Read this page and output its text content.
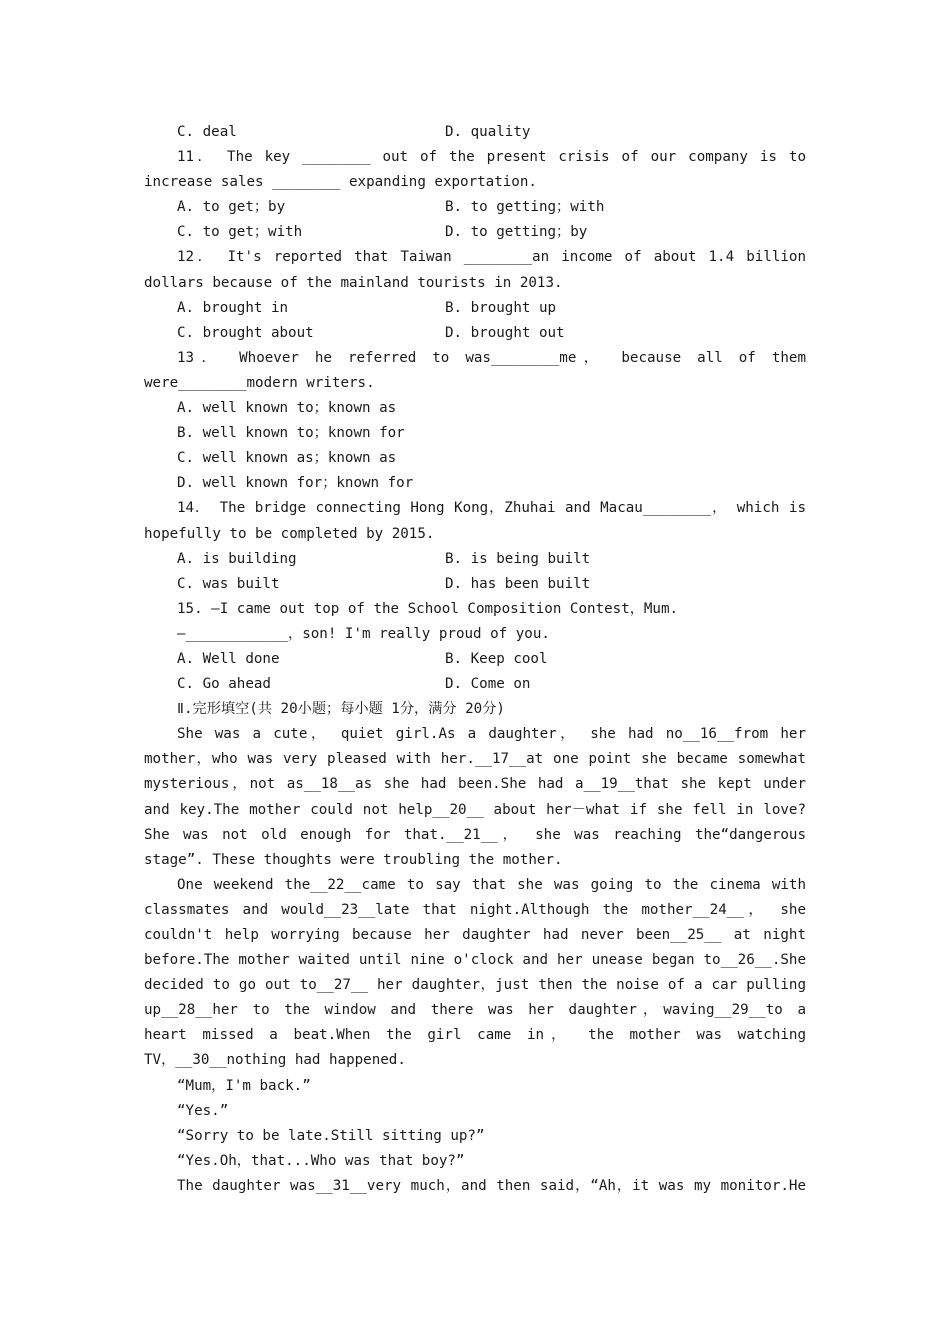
C. deal	D. quality
11． The key ________ out of the present crisis of our company is to
increase sales ________ expanding exportation.
A. to get；by	B. to getting；with
C. to get；with	D. to getting；by
12． It's reported that Taiwan ________an income of about 1.4 billion
dollars because of the mainland tourists in 2013.
A. brought in	B. brought up
C. brought about	D. brought out
13． Whoever he referred to was________me， because all of them
were________modern writers.
A. well known to；known as
B. well known to；known for
C. well known as；known as
D. well known for；known for
14． The bridge connecting Hong Kong，Zhuhai and Macau________， which is
hopefully to be completed by 2015.
A. is building	B. is being built
C. was built	D. has been built
15. —I came out top of the School Composition Contest，Mum.
—____________，son! I'm really proud of you.
A. Well done	B. Keep cool
C. Go ahead	D. Come on
Ⅱ.完形填空(共 20小题；每小题 1分，满分 20分)
She was a cute， quiet girl.As a daughter， she had no__16__from her
mother，who was very pleased with her.__17__at one point she became somewhat
mysterious，not as__18__as she had been.She had a__19__that she kept under
and key.The mother could not help__20__ about her－what if she fell in love?
She was not old enough for that.__21__， she was reaching the“dangerous
stage”. These thoughts were troubling the mother.
One weekend the__22__came to say that she was going to the cinema with
classmates and would__23__late that night.Although the mother__24__， she
couldn't help worrying because her daughter had never been__25__ at night
before.The mother waited until nine o'clock and her unease began to__26__.She
decided to go out to__27__ her daughter，just then the noise of a car pulling
up__28__her to the window and there was her daughter，waving__29__to a
heart missed a beat.When the girl came in， the mother was watching
TV，__30__nothing had happened.
“Mum，I'm back.”
“Yes.”
“Sorry to be late.Still sitting up?”
“Yes.Oh，that...Who was that boy?”
The daughter was__31__very much，and then said，“Ah，it was my monitor.He
